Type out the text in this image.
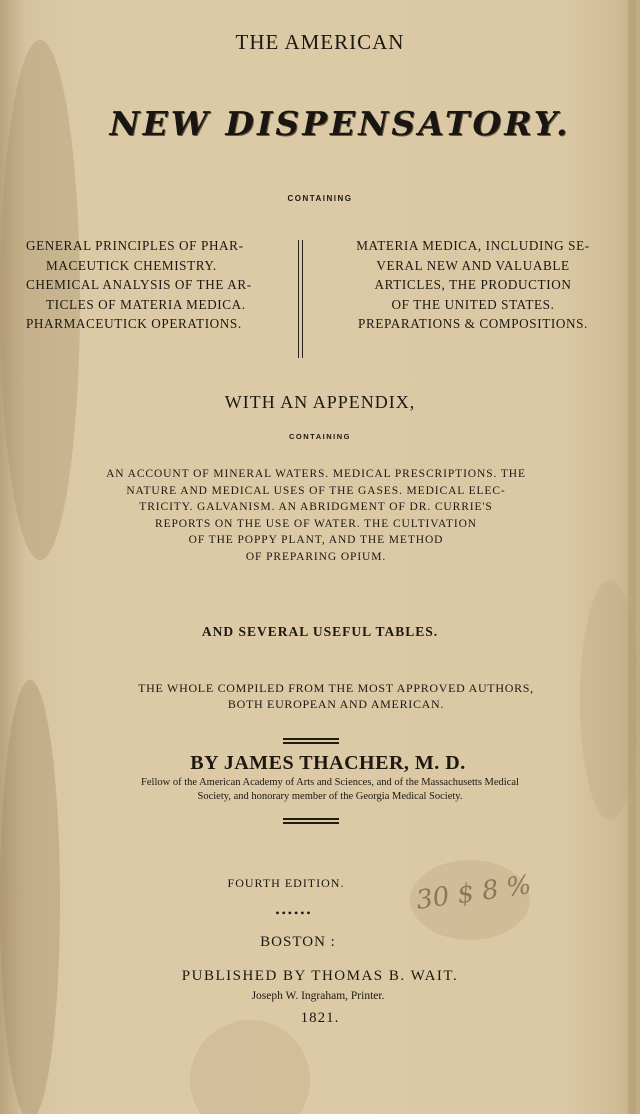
THE AMERICAN
NEW DISPENSATORY.
CONTAINING

GENERAL PRINCIPLES OF PHAR-

MACEUTICK CHEMISTRY.

CHEMICAL ANALYSIS OF THE AR-

TICLES OF MATERIA MEDICA.

PHARMACEUTICK OPERATIONS.

MATERIA MEDICA, INCLUDING SE-

VERAL NEW AND VALUABLE

ARTICLES, THE PRODUCTION

OF THE UNITED STATES.

PREPARATIONS & COMPOSITIONS.

WITH AN APPENDIX,
CONTAINING

AN ACCOUNT OF MINERAL WATERS. MEDICAL PRESCRIPTIONS. THE

NATURE AND MEDICAL USES OF THE GASES. MEDICAL ELEC-

TRICITY. GALVANISM. AN ABRIDGMENT OF DR. CURRIE'S

REPORTS ON THE USE OF WATER. THE CULTIVATION

OF THE POPPY PLANT, AND THE METHOD

OF PREPARING OPIUM.

AND SEVERAL USEFUL TABLES.

THE WHOLE COMPILED FROM THE MOST APPROVED AUTHORS,

BOTH EUROPEAN AND AMERICAN.

BY JAMES THACHER, M. D.

Fellow of the American Academy of Arts and Sciences, and of the Massachusetts Medical

Society, and honorary member of the Georgia Medical Society.

FOURTH EDITION.
••••••
BOSTON :
PUBLISHED BY THOMAS B. WAIT.
Joseph W. Ingraham, Printer.
1821.
30 $ 8 %
